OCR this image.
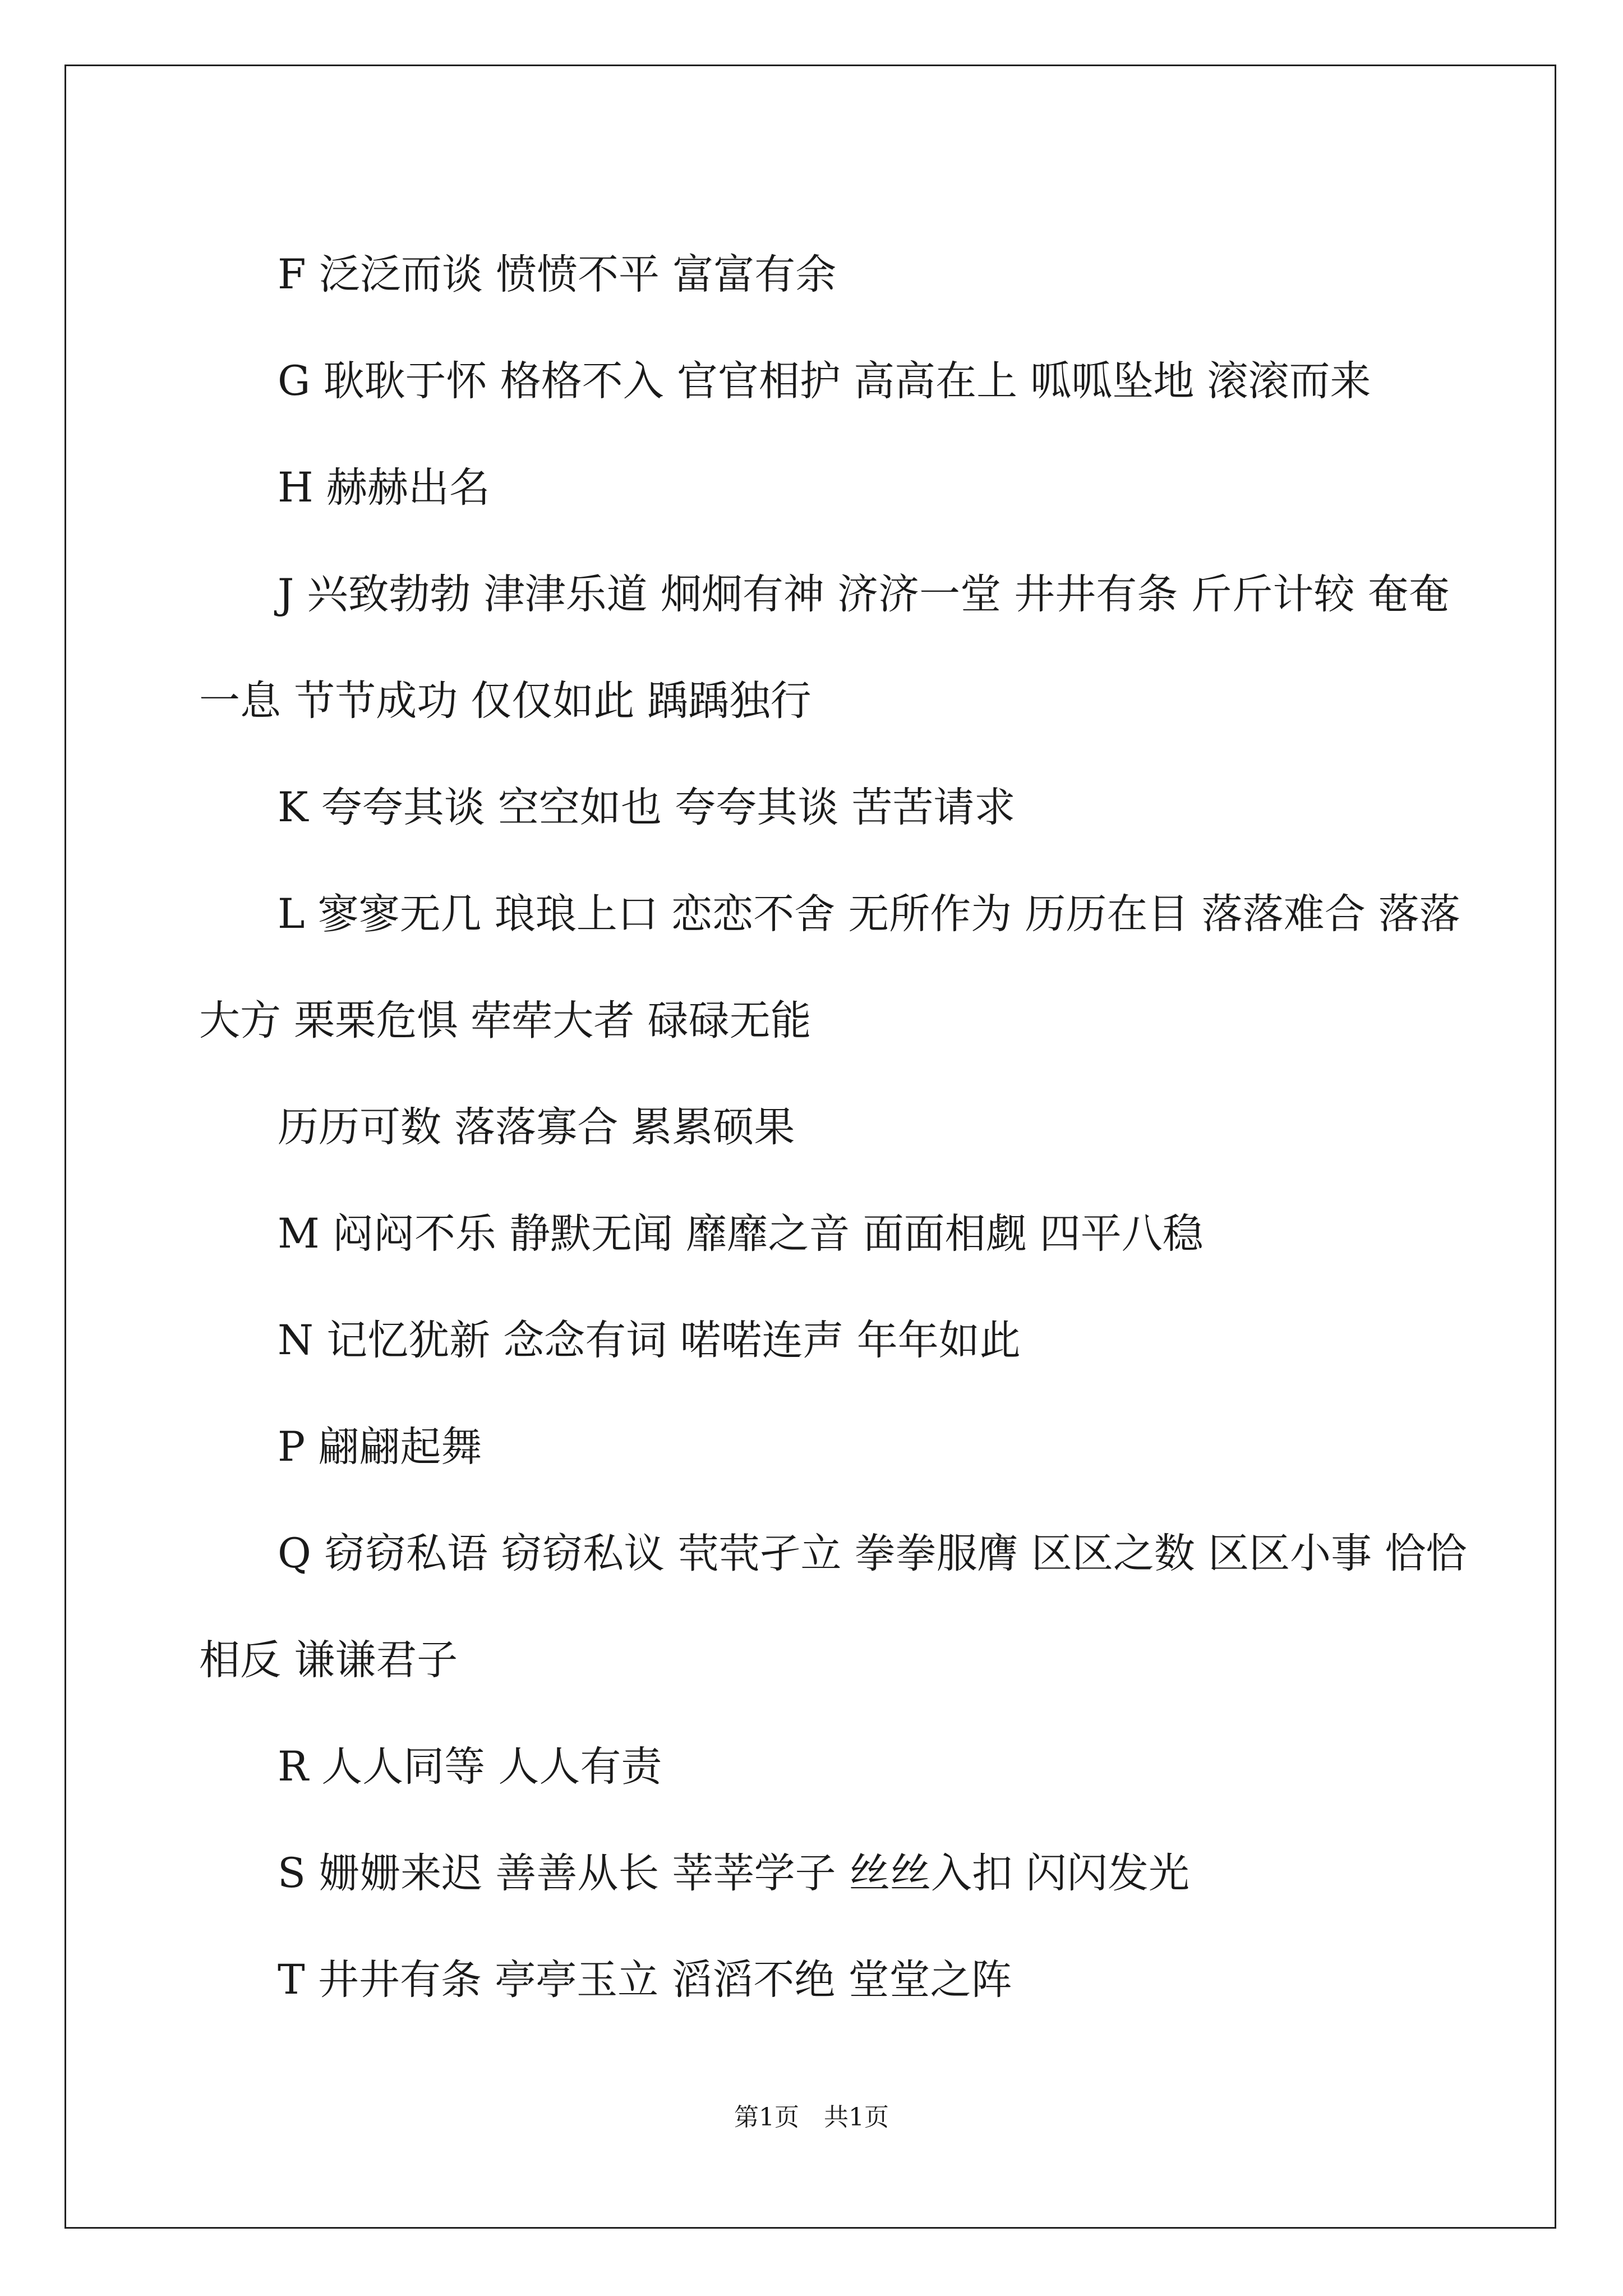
F 泛泛而谈 愤愤不平 富富有余

G 耿耿于怀 格格不入 官官相护 高高在上 呱呱坠地 滚滚而来

H 赫赫出名

J 兴致勃勃 津津乐道 炯炯有神 济济一堂 井井有条 斤斤计较 奄奄一息 节节成功 仅仅如此 踽踽独行

K 夸夸其谈 空空如也 夸夸其谈 苦苦请求

L 寥寥无几 琅琅上口 恋恋不舍 无所作为 历历在目 落落难合 落落大方 栗栗危惧 荦荦大者 碌碌无能

历历可数 落落寡合 累累硕果

M 闷闷不乐 静默无闻 靡靡之音 面面相觑 四平八稳

N 记忆犹新 念念有词 喏喏连声 年年如此

P 翩翩起舞

Q 窃窃私语 窃窃私议 茕茕孑立 拳拳服膺 区区之数 区区小事 恰恰相反 谦谦君子

R 人人同等 人人有责

S 姗姗来迟 善善从长 莘莘学子 丝丝入扣 闪闪发光

T 井井有条 亭亭玉立 滔滔不绝 堂堂之阵

第1页　共1页
